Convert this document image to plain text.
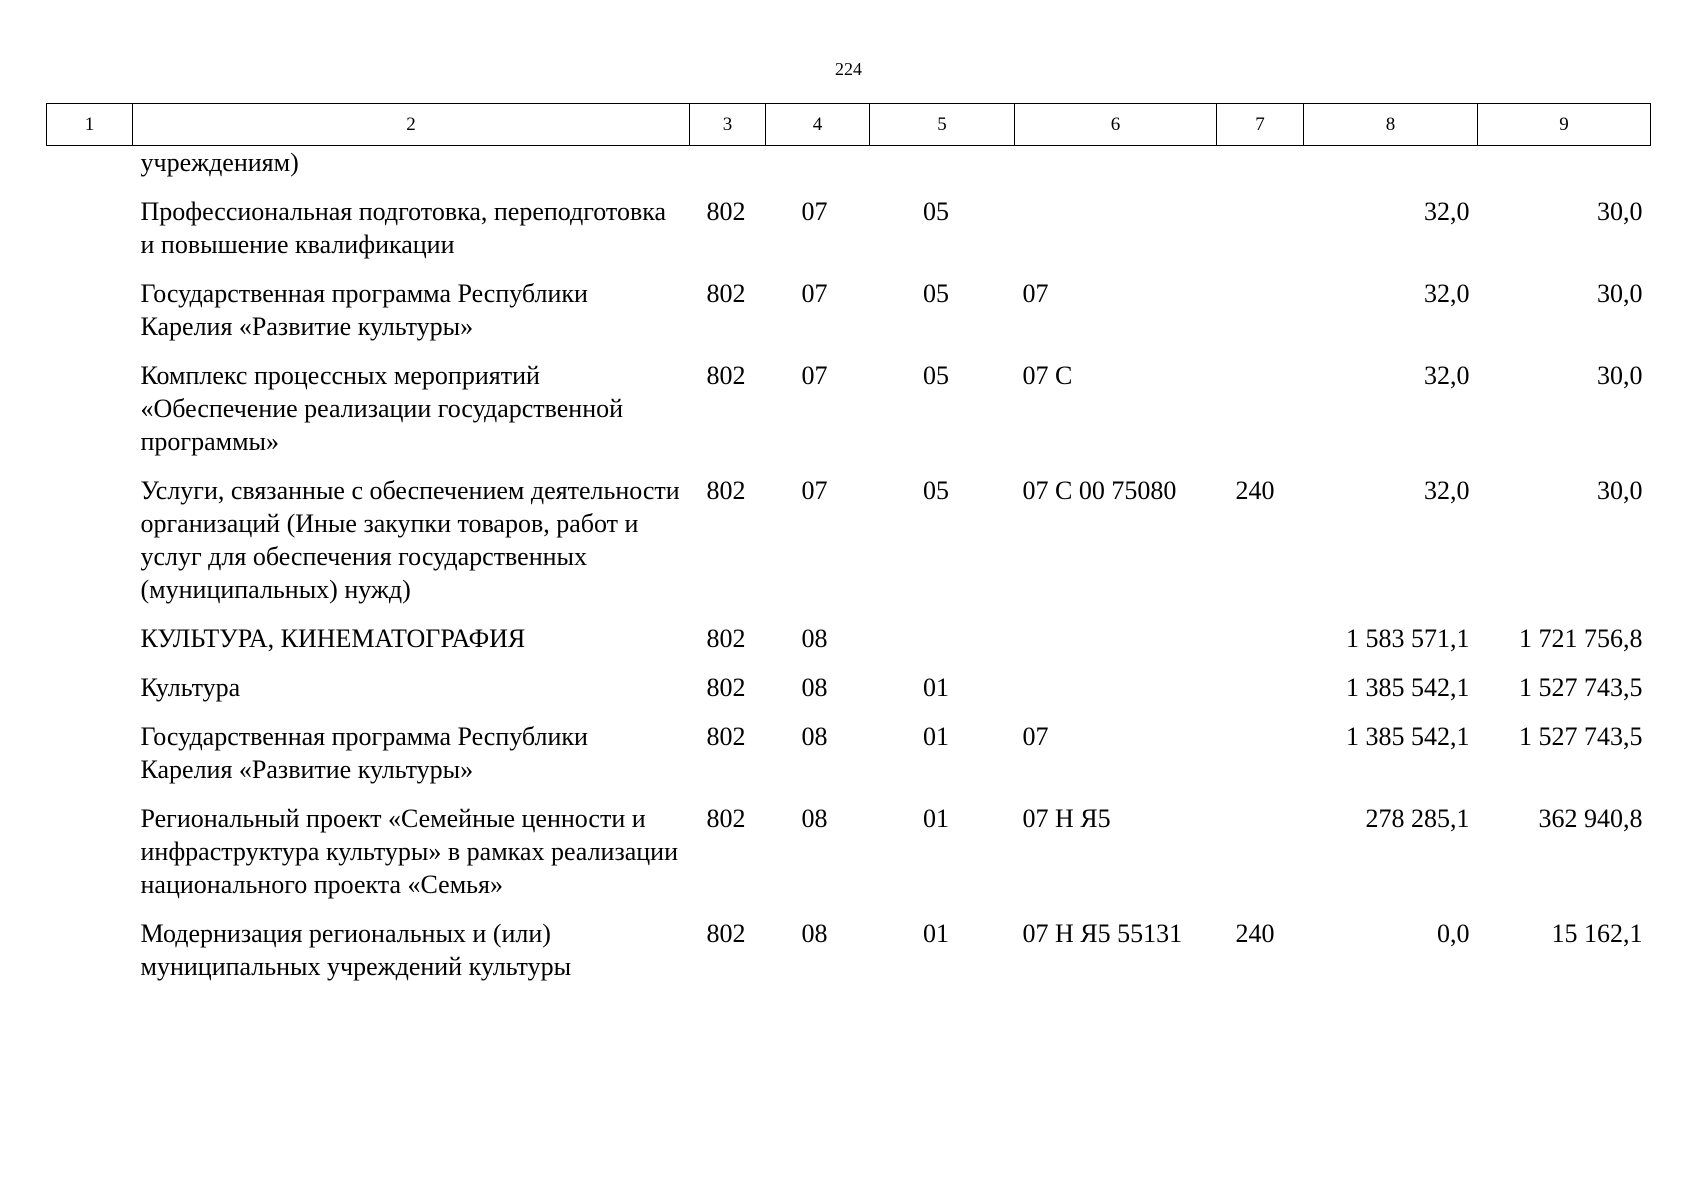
224
1	2	3	4	5	6	7	8	9
	учреждениям)							
	Профессиональная подготовка, переподготовка и повышение квалификации	802	07	05			32,0	30,0
	Государственная программа Республики Карелия «Развитие культуры»	802	07	05	07		32,0	30,0
	Комплекс процессных мероприятий «Обеспечение реализации государственной программы»	802	07	05	07 С		32,0	30,0
	Услуги, связанные с обеспечением деятельности организаций (Иные закупки товаров, работ и услуг для обеспечения государственных (муниципальных) нужд)	802	07	05	07 С 00 75080	240	32,0	30,0
	КУЛЬТУРА, КИНЕМАТОГРАФИЯ	802	08				1 583 571,1	1 721 756,8
	Культура	802	08	01			1 385 542,1	1 527 743,5
	Государственная программа Республики Карелия «Развитие культуры»	802	08	01	07		1 385 542,1	1 527 743,5
	Региональный проект «Семейные ценности и инфраструктура культуры» в рамках реализации национального проекта «Семья»	802	08	01	07 Н Я5		278 285,1	362 940,8
	Модернизация региональных и (или) муниципальных учреждений культуры	802	08	01	07 Н Я5 55131	240	0,0	15 162,1
